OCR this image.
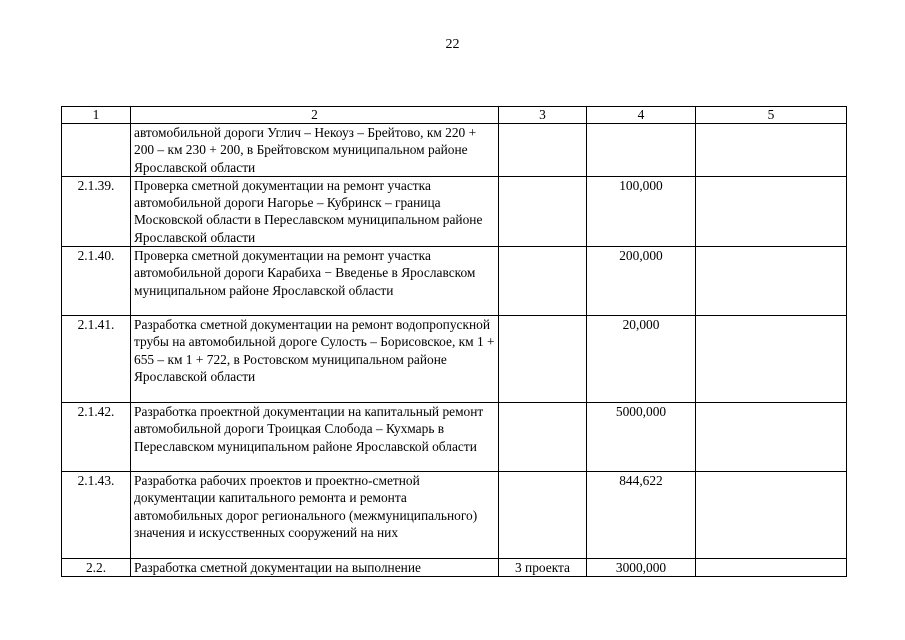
22
1	2	3	4	5
	автомобильной дороги Углич – Некоуз – Брейтово, км 220 + 200 – км 230 + 200, в Брейтовском муниципальном районе Ярославской области			
2.1.39.	Проверка сметной документации на ремонт участка автомобильной дороги Нагорье – Кубринск – граница Московской области в Переславском муниципальном районе Ярославской области		100,000	
2.1.40.	Проверка сметной документации на ремонт участка автомобильной дороги Карабиха − Введенье в Ярославском муниципальном районе Ярославской области		200,000	
2.1.41.	Разработка сметной документации на ремонт водопропускной трубы на автомобильной дороге Сулость – Борисовское, км 1 + 655 – км 1 + 722, в Ростовском муниципальном районе Ярославской области		20,000	
2.1.42.	Разработка проектной документации на капитальный ремонт автомобильной дороги Троицкая Слобода – Кухмарь в Переславском муниципальном районе Ярославской области		5000,000	
2.1.43.	Разработка рабочих проектов и проектно-сметной документации капитального ремонта и ремонта автомобильных дорог регионального (межмуниципального) значения и искусственных сооружений на них		844,622	
2.2.	Разработка сметной документации на выполнение	3 проекта	3000,000	
